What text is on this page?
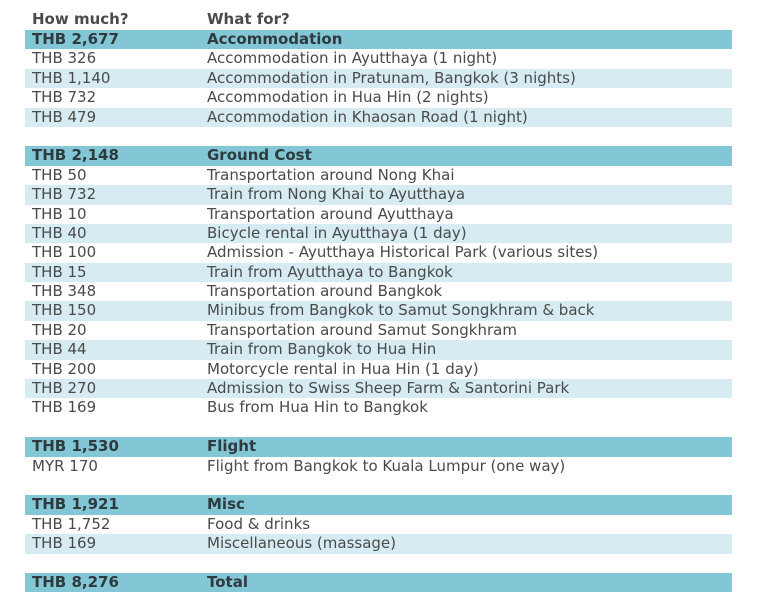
How much?	What for?
THB 2,677	Accommodation
THB 326	Accommodation in Ayutthaya (1 night)
THB 1,140	Accommodation in Pratunam, Bangkok (3 nights)
THB 732	Accommodation in Hua Hin (2 nights)
THB 479	Accommodation in Khaosan Road (1 night)
THB 2,148	Ground Cost
THB 50	Transportation around Nong Khai
THB 732	Train from Nong Khai to Ayutthaya
THB 10	Transportation around Ayutthaya
THB 40	Bicycle rental in Ayutthaya (1 day)
THB 100	Admission - Ayutthaya Historical Park (various sites)
THB 15	Train from Ayutthaya to Bangkok
THB 348	Transportation around Bangkok
THB 150	Minibus from Bangkok to Samut Songkhram & back
THB 20	Transportation around Samut Songkhram
THB 44	Train from Bangkok to Hua Hin
THB 200	Motorcycle rental in Hua Hin (1 day)
THB 270	Admission to Swiss Sheep Farm & Santorini Park
THB 169	Bus from Hua Hin to Bangkok
THB 1,530	Flight
MYR 170	Flight from Bangkok to Kuala Lumpur (one way)
THB 1,921	Misc
THB 1,752	Food & drinks
THB 169	Miscellaneous (massage)
THB 8,276	Total
